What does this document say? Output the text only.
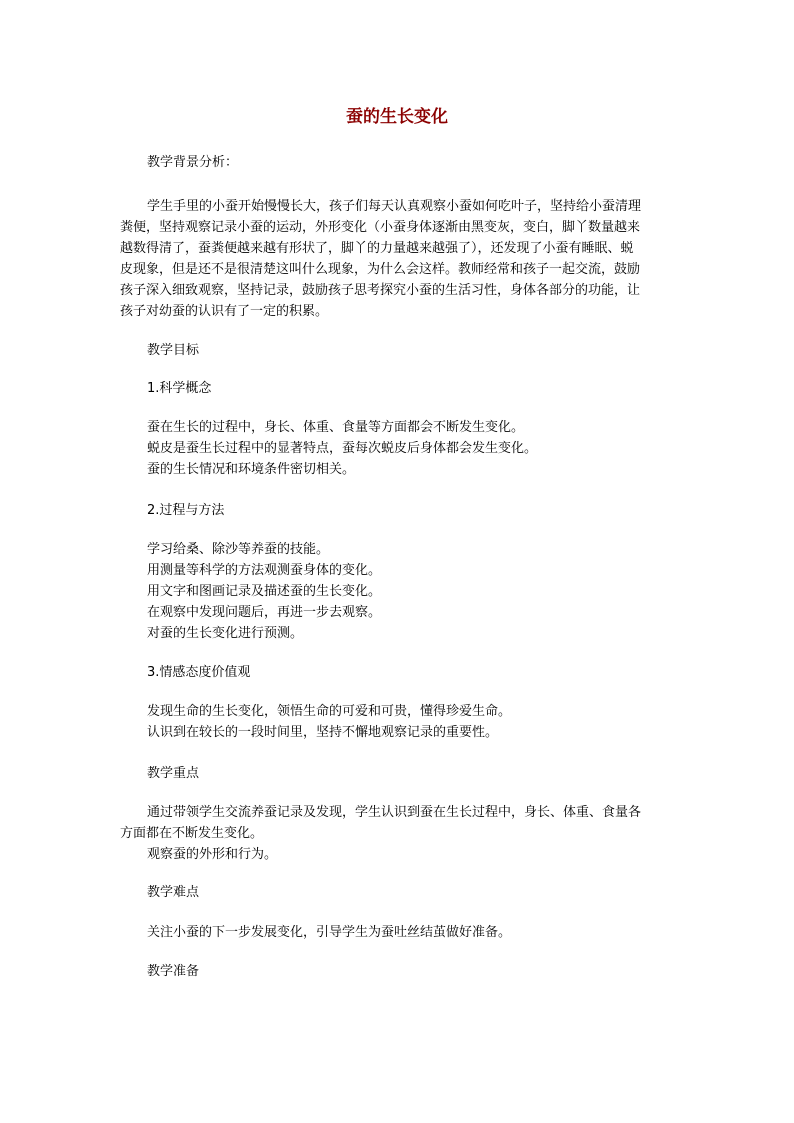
蚕的生长变化
教学背景分析：
学生手里的小蚕开始慢慢长大，孩子们每天认真观察小蚕如何吃叶子，坚持给小蚕清理
粪便，坚持观察记录小蚕的运动，外形变化（小蚕身体逐渐由黑变灰，变白，脚丫数量越来
越数得清了，蚕粪便越来越有形状了，脚丫的力量越来越强了），还发现了小蚕有睡眠、蜕
皮现象，但是还不是很清楚这叫什么现象，为什么会这样。教师经常和孩子一起交流，鼓励
孩子深入细致观察，坚持记录，鼓励孩子思考探究小蚕的生活习性，身体各部分的功能，让
孩子对幼蚕的认识有了一定的积累。
教学目标
1.科学概念
蚕在生长的过程中，身长、体重、食量等方面都会不断发生变化。
蜕皮是蚕生长过程中的显著特点，蚕每次蜕皮后身体都会发生变化。
蚕的生长情况和环境条件密切相关。
2.过程与方法
学习给桑、除沙等养蚕的技能。
用测量等科学的方法观测蚕身体的变化。
用文字和图画记录及描述蚕的生长变化。
在观察中发现问题后，再进一步去观察。
对蚕的生长变化进行预测。
3.情感态度价值观
发现生命的生长变化，领悟生命的可爱和可贵，懂得珍爱生命。
认识到在较长的一段时间里，坚持不懈地观察记录的重要性。
教学重点
通过带领学生交流养蚕记录及发现，学生认识到蚕在生长过程中，身长、体重、食量各
方面都在不断发生变化。
观察蚕的外形和行为。
教学难点
关注小蚕的下一步发展变化，引导学生为蚕吐丝结茧做好准备。
教学准备
